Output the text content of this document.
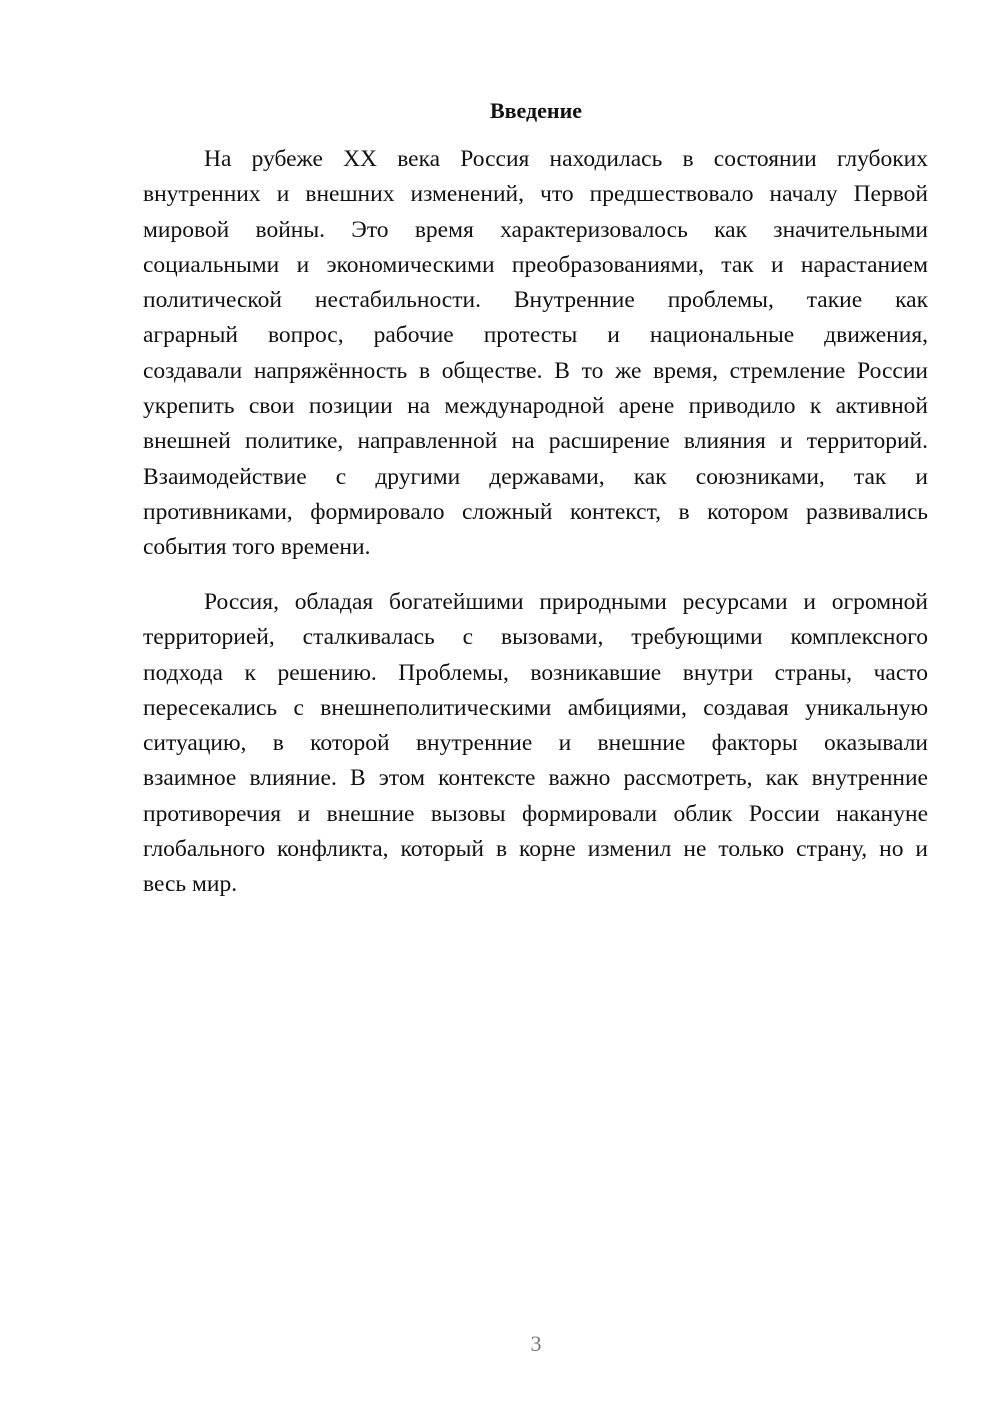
Введение
На рубеже XX века Россия находилась в состоянии глубоких
внутренних и внешних изменений, что предшествовало началу Первой
мировой войны. Это время характеризовалось как значительными
социальными и экономическими преобразованиями, так и нарастанием
политической нестабильности. Внутренние проблемы, такие как
аграрный вопрос, рабочие протесты и национальные движения,
создавали напряжённость в обществе. В то же время, стремление России
укрепить свои позиции на международной арене приводило к активной
внешней политике, направленной на расширение влияния и территорий.
Взаимодействие с другими державами, как союзниками, так и
противниками, формировало сложный контекст, в котором развивались
события того времени.
Россия, обладая богатейшими природными ресурсами и огромной
территорией, сталкивалась с вызовами, требующими комплексного
подхода к решению. Проблемы, возникавшие внутри страны, часто
пересекались с внешнеполитическими амбициями, создавая уникальную
ситуацию, в которой внутренние и внешние факторы оказывали
взаимное влияние. В этом контексте важно рассмотреть, как внутренние
противоречия и внешние вызовы формировали облик России накануне
глобального конфликта, который в корне изменил не только страну, но и
весь мир.

3
